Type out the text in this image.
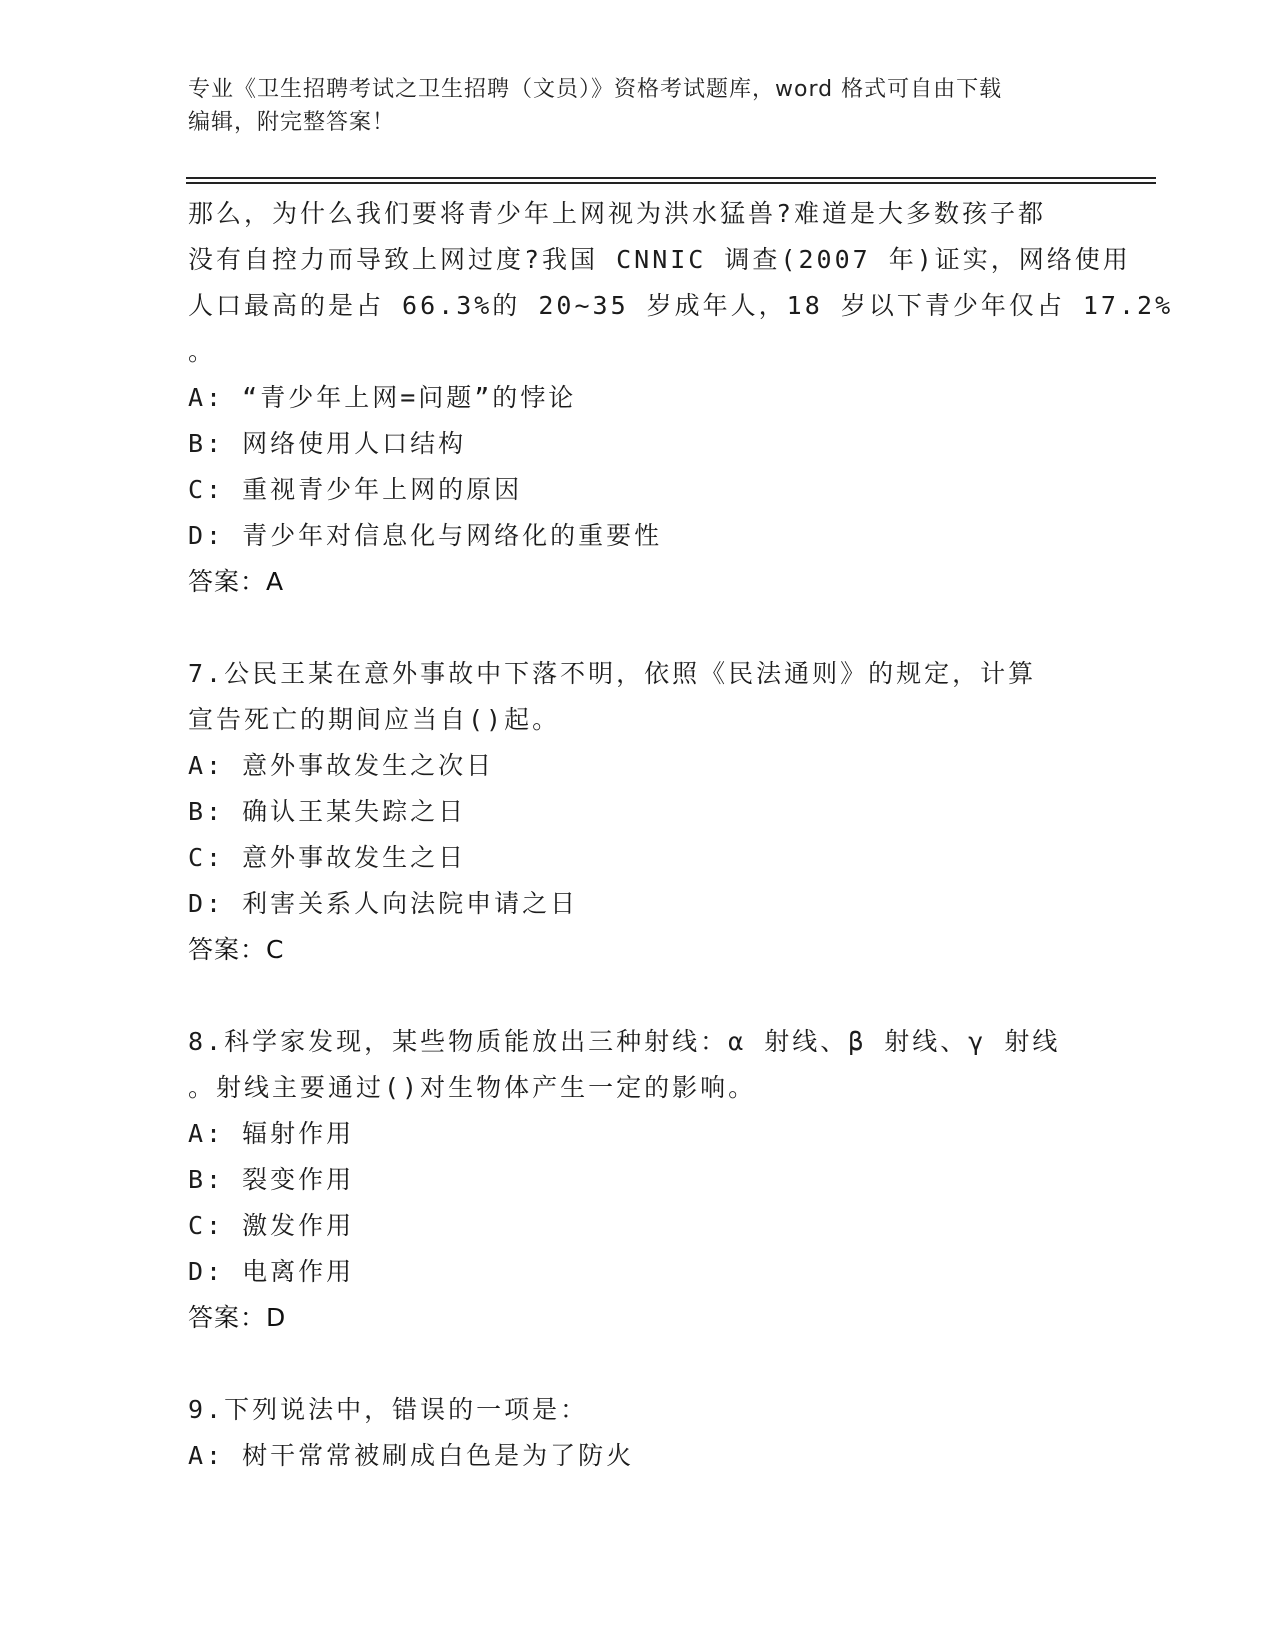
专业《卫生招聘考试之卫生招聘（文员）》资格考试题库，word 格式可自由下载
编辑，附完整答案！
那么，为什么我们要将青少年上网视为洪水猛兽?难道是大多数孩子都
没有自控力而导致上网过度?我国 CNNIC 调查(2007 年)证实，网络使用
人口最高的是占 66.3%的 20~35 岁成年人，18 岁以下青少年仅占 17.2%
。
A: “青少年上网=问题”的悖论
B: 网络使用人口结构
C: 重视青少年上网的原因
D: 青少年对信息化与网络化的重要性
答案：A
7.公民王某在意外事故中下落不明，依照《民法通则》的规定，计算
宣告死亡的期间应当自()起。
A: 意外事故发生之次日
B: 确认王某失踪之日
C: 意外事故发生之日
D: 利害关系人向法院申请之日
答案：C
8.科学家发现，某些物质能放出三种射线：α 射线、β 射线、γ 射线
。射线主要通过()对生物体产生一定的影响。
A: 辐射作用
B: 裂变作用
C: 激发作用
D: 电离作用
答案：D
9.下列说法中，错误的一项是：
A: 树干常常被刷成白色是为了防火
